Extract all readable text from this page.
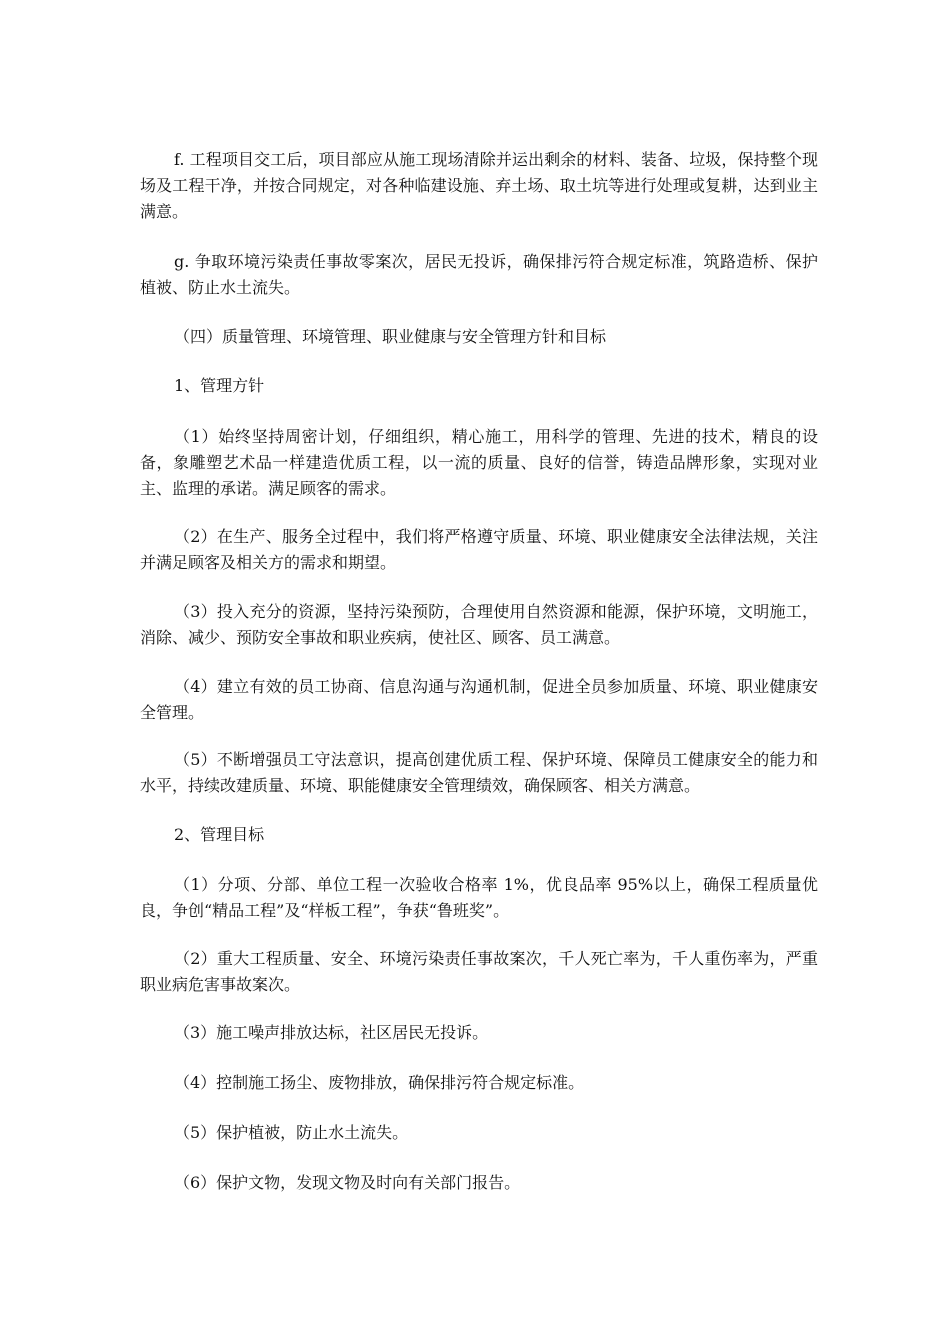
f. 工程项目交工后，项目部应从施工现场清除并运出剩余的材料、装备、垃圾，保持整个现场及工程干净，并按合同规定，对各种临建设施、弃土场、取土坑等进行处理或复耕，达到业主满意。

g. 争取环境污染责任事故零案次，居民无投诉，确保排污符合规定标准，筑路造桥、保护植被、防止水土流失。

（四）质量管理、环境管理、职业健康与安全管理方针和目标

1、管理方针

（1）始终坚持周密计划，仔细组织，精心施工，用科学的管理、先进的技术，精良的设备，象雕塑艺术品一样建造优质工程，以一流的质量、良好的信誉，铸造品牌形象，实现对业主、监理的承诺。满足顾客的需求。

（2）在生产、服务全过程中，我们将严格遵守质量、环境、职业健康安全法律法规，关注并满足顾客及相关方的需求和期望。

（3）投入充分的资源，坚持污染预防，合理使用自然资源和能源，保护环境，文明施工，消除、减少、预防安全事故和职业疾病，使社区、顾客、员工满意。

（4）建立有效的员工协商、信息沟通与沟通机制，促进全员参加质量、环境、职业健康安全管理。

（5）不断增强员工守法意识，提高创建优质工程、保护环境、保障员工健康安全的能力和水平，持续改建质量、环境、职能健康安全管理绩效，确保顾客、相关方满意。

2、管理目标

（1）分项、分部、单位工程一次验收合格率 1%，优良品率 95%以上，确保工程质量优良，争创“精品工程”及“样板工程”，争获“鲁班奖”。

（2）重大工程质量、安全、环境污染责任事故案次，千人死亡率为，千人重伤率为，严重职业病危害事故案次。

（3）施工噪声排放达标，社区居民无投诉。

（4）控制施工扬尘、废物排放，确保排污符合规定标准。

（5）保护植被，防止水土流失。

（6）保护文物，发现文物及时向有关部门报告。
